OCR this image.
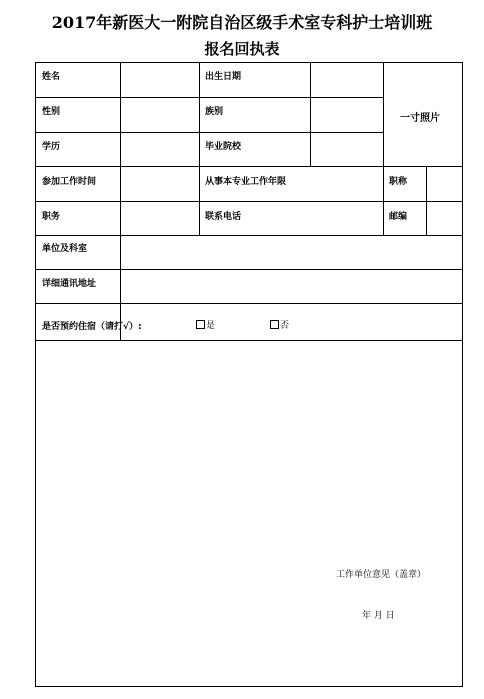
2017年新医大一附院自治区级手术室专科护士培训班
报名回执表
姓名	出生日期
性别	族别
学历	毕业院校
参加工作时间	从事本专业工作年限	职称
职务	联系电话	邮编
单位及科室
详细通讯地址
一寸照片
是否预约住宿（请打√）:	是	否
工作单位意见（盖章）
年 月 日
